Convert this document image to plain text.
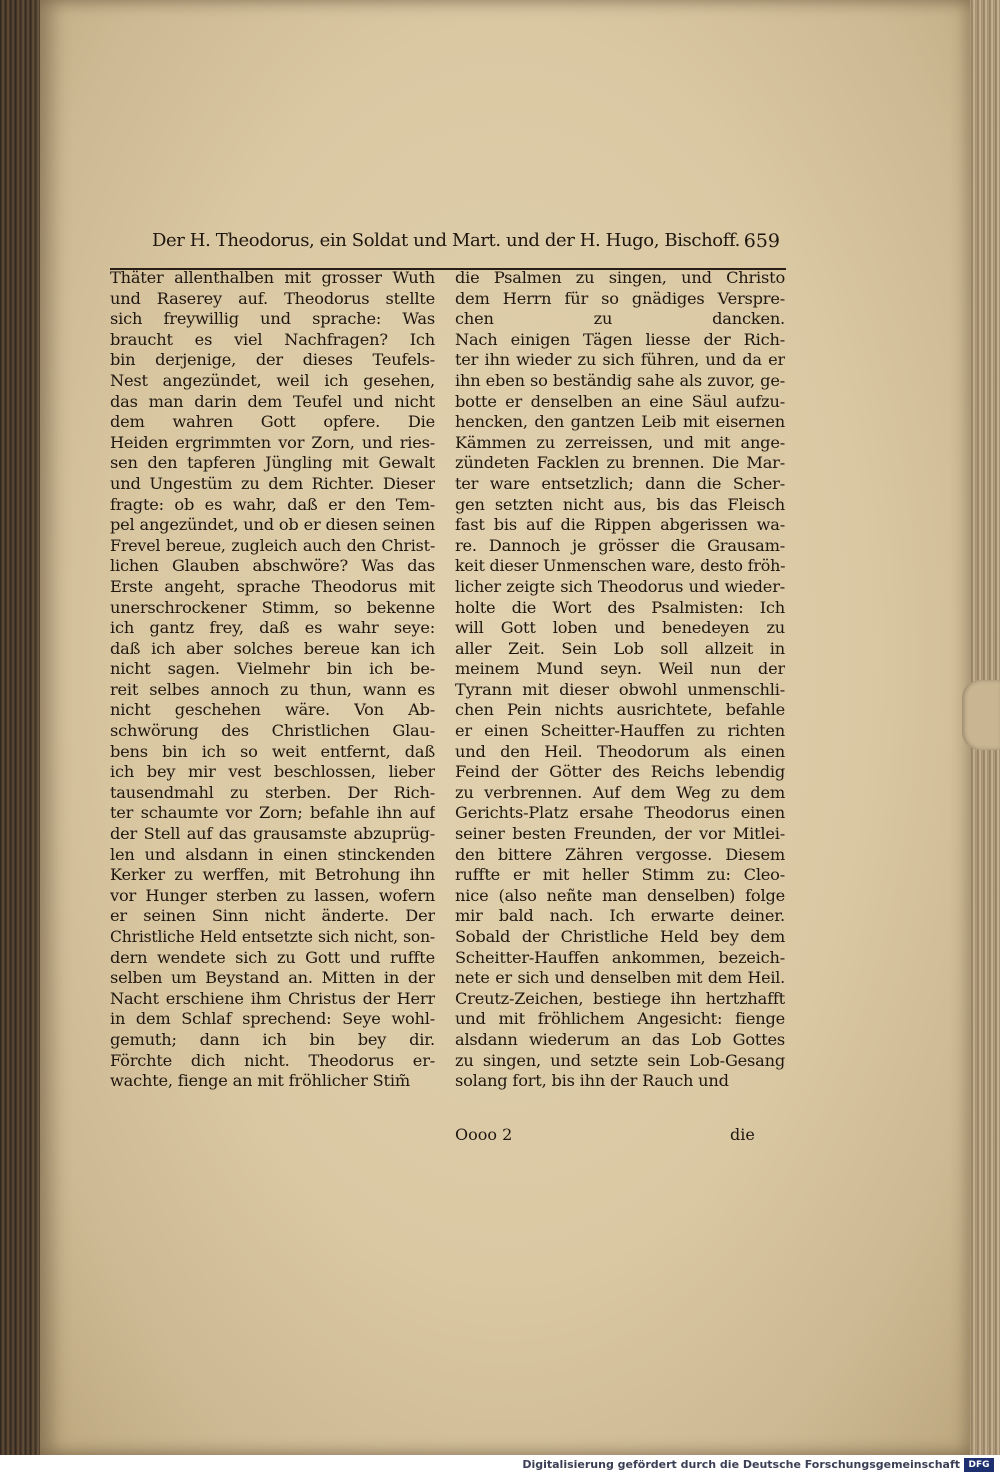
Der H. Theodorus, ein Soldat und Mart. und der H. Hugo, Bischoff. 659
Thäter allenthalben mit grosser Wuth
und Raserey auf. Theodorus stellte
sich freywillig und sprache: Was
braucht es viel Nachfragen? Ich
bin derjenige, der dieses Teufels-
Nest angezündet, weil ich gesehen,
das man darin dem Teufel und nicht
dem wahren Gott opfere. Die
Heiden ergrimmten vor Zorn, und ries-
sen den tapferen Jüngling mit Gewalt
und Ungestüm zu dem Richter. Dieser
fragte: ob es wahr, daß er den Tem-
pel angezündet, und ob er diesen seinen
Frevel bereue, zugleich auch den Christ-
lichen Glauben abschwöre? Was das
Erste angeht, sprache Theodorus mit
unerschrockener Stimm, so bekenne
ich gantz frey, daß es wahr seye:
daß ich aber solches bereue kan ich
nicht sagen. Vielmehr bin ich be-
reit selbes annoch zu thun, wann es
nicht geschehen wäre. Von Ab-
schwörung des Christlichen Glau-
bens bin ich so weit entfernt, daß
ich bey mir vest beschlossen, lieber
tausendmahl zu sterben. Der Rich-
ter schaumte vor Zorn; befahle ihn auf
der Stell auf das grausamste abzuprüg-
len und alsdann in einen stinckenden
Kerker zu werffen, mit Betrohung ihn
vor Hunger sterben zu lassen, wofern
er seinen Sinn nicht änderte. Der
Christliche Held entsetzte sich nicht, son-
dern wendete sich zu Gott und ruffte
selben um Beystand an. Mitten in der
Nacht erschiene ihm Christus der Herr
in dem Schlaf sprechend: Seye wohl-
gemuth; dann ich bin bey dir.
Förchte dich nicht. Theodorus er-
wachte, fienge an mit fröhlicher Stim̃
die Psalmen zu singen, und Christo
dem Herrn für so gnädiges Verspre-
chen zu dancken.
Nach einigen Tägen liesse der Rich-
ter ihn wieder zu sich führen, und da er
ihn eben so beständig sahe als zuvor, ge-
botte er denselben an eine Säul aufzu-
hencken, den gantzen Leib mit eisernen
Kämmen zu zerreissen, und mit ange-
zündeten Facklen zu brennen. Die Mar-
ter ware entsetzlich; dann die Scher-
gen setzten nicht aus, bis das Fleisch
fast bis auf die Rippen abgerissen wa-
re. Dannoch je grösser die Grausam-
keit dieser Unmenschen ware, desto fröh-
licher zeigte sich Theodorus und wieder-
holte die Wort des Psalmisten: Ich
will Gott loben und benedeyen zu
aller Zeit. Sein Lob soll allzeit in
meinem Mund seyn. Weil nun der
Tyrann mit dieser obwohl unmenschli-
chen Pein nichts ausrichtete, befahle
er einen Scheitter-Hauffen zu richten
und den Heil. Theodorum als einen
Feind der Götter des Reichs lebendig
zu verbrennen. Auf dem Weg zu dem
Gerichts-Platz ersahe Theodorus einen
seiner besten Freunden, der vor Mitlei-
den bittere Zähren vergosse. Diesem
ruffte er mit heller Stimm zu: Cleo-
nice (also neñte man denselben) folge
mir bald nach. Ich erwarte deiner.
Sobald der Christliche Held bey dem
Scheitter-Hauffen ankommen, bezeich-
nete er sich und denselben mit dem Heil.
Creutz-Zeichen, bestiege ihn hertzhafft
und mit fröhlichem Angesicht: fienge
alsdann wiederum an das Lob Gottes
zu singen, und setzte sein Lob-Gesang
solang fort, bis ihn der Rauch und
Oooo 2	die
Digitalisierung gefördert durch die Deutsche Forschungsgemeinschaft DFG
